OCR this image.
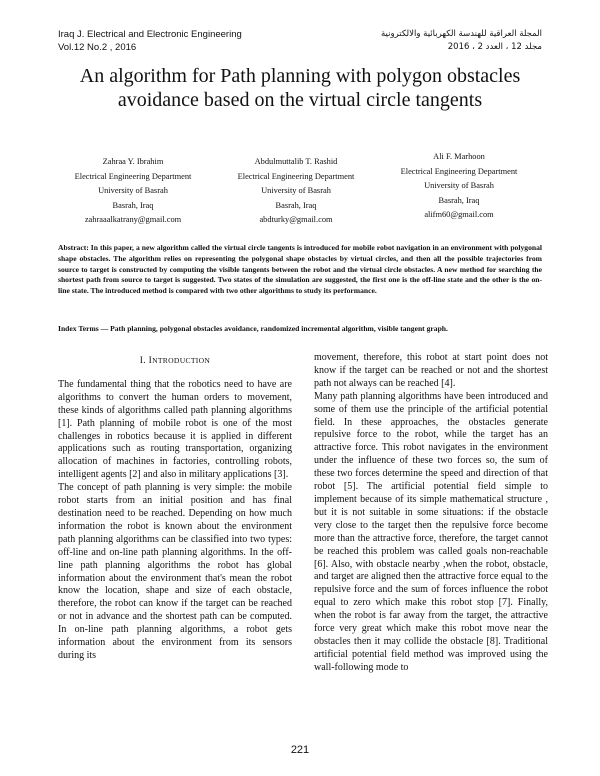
Iraq J. Electrical and Electronic Engineering
Vol.12 No.2 , 2016
المجلة العراقية للهندسة الكهربائية والالكترونية
مجلد 12 ، العدد 2 ، 2016
An algorithm for Path planning with polygon obstacles avoidance based on the virtual circle tangents
Zahraa Y. Ibrahim
Electrical Engineering Department
University of Basrah
Basrah, Iraq
zahraaalkatrany@gmail.com
Abdulmuttalib T. Rashid
Electrical Engineering Department
University of Basrah
Basrah, Iraq
abdturky@gmail.com
Ali F. Marhoon
Electrical Engineering Department
University of Basrah
Basrah, Iraq
alifm60@gmail.com
Abstract: In this paper, a new algorithm called the virtual circle tangents is introduced for mobile robot navigation in an environment with polygonal shape obstacles. The algorithm relies on representing the polygonal shape obstacles by virtual circles, and then all the possible trajectories from source to target is constructed by computing the visible tangents between the robot and the virtual circle obstacles. A new method for searching the shortest path from source to target is suggested. Two states of the simulation are suggested, the first one is the off-line state and the other is the on-line state. The introduced method is compared with two other algorithms to study its performance.
Index Terms — Path planning, polygonal obstacles avoidance, randomized incremental algorithm, visible tangent graph.
I. INTRODUCTION

The fundamental thing that the robotics need to have are algorithms to convert the human orders to movement, these kinds of algorithms called path planning algorithms [1]. Path planning of mobile robot is one of the most challenges in robotics because it is applied in different applications such as routing transportation, organizing allocation of machines in factories, controlling robots, intelligent agents [2] and also in military applications [3].

The concept of path planning is very simple: the mobile robot starts from an initial position and has final destination need to be reached. Depending on how much information the robot is known about the environment path planning algorithms can be classified into two types: off-line and on-line path planning algorithms. In the off-line path planning algorithms the robot has global information about the environment that's mean the robot know the location, shape and size of each obstacle, therefore, the robot can know if the target can be reached or not in advance and the shortest path can be computed. In on-line path planning algorithms, a robot gets information about the environment from its sensors during its

movement, therefore, this robot at start point does not know if the target can be reached or not and the shortest path not always can be reached [4].

Many path planning algorithms have been introduced and some of them use the principle of the artificial potential field. In these approaches, the obstacles generate repulsive force to the robot, while the target has an attractive force. This robot navigates in the environment under the influence of these two forces so, the sum of these two forces determine the speed and direction of that robot [5]. The artificial potential field simple to implement because of its simple mathematical structure , but it is not suitable in some situations: if the obstacle very close to the target then the repulsive force become more than the attractive force, therefore, the target cannot be reached this problem was called goals non-reachable [6]. Also, with obstacle nearby ,when the robot, obstacle, and target are aligned then the attractive force equal to the repulsive force and the sum of forces influence the robot equal to zero which make this robot stop [7]. Finally, when the robot is far away from the target, the attractive force very great which make this robot move near the obstacles then it may collide the obstacle [8]. Traditional artificial potential field method was improved using the wall-following mode to

221
